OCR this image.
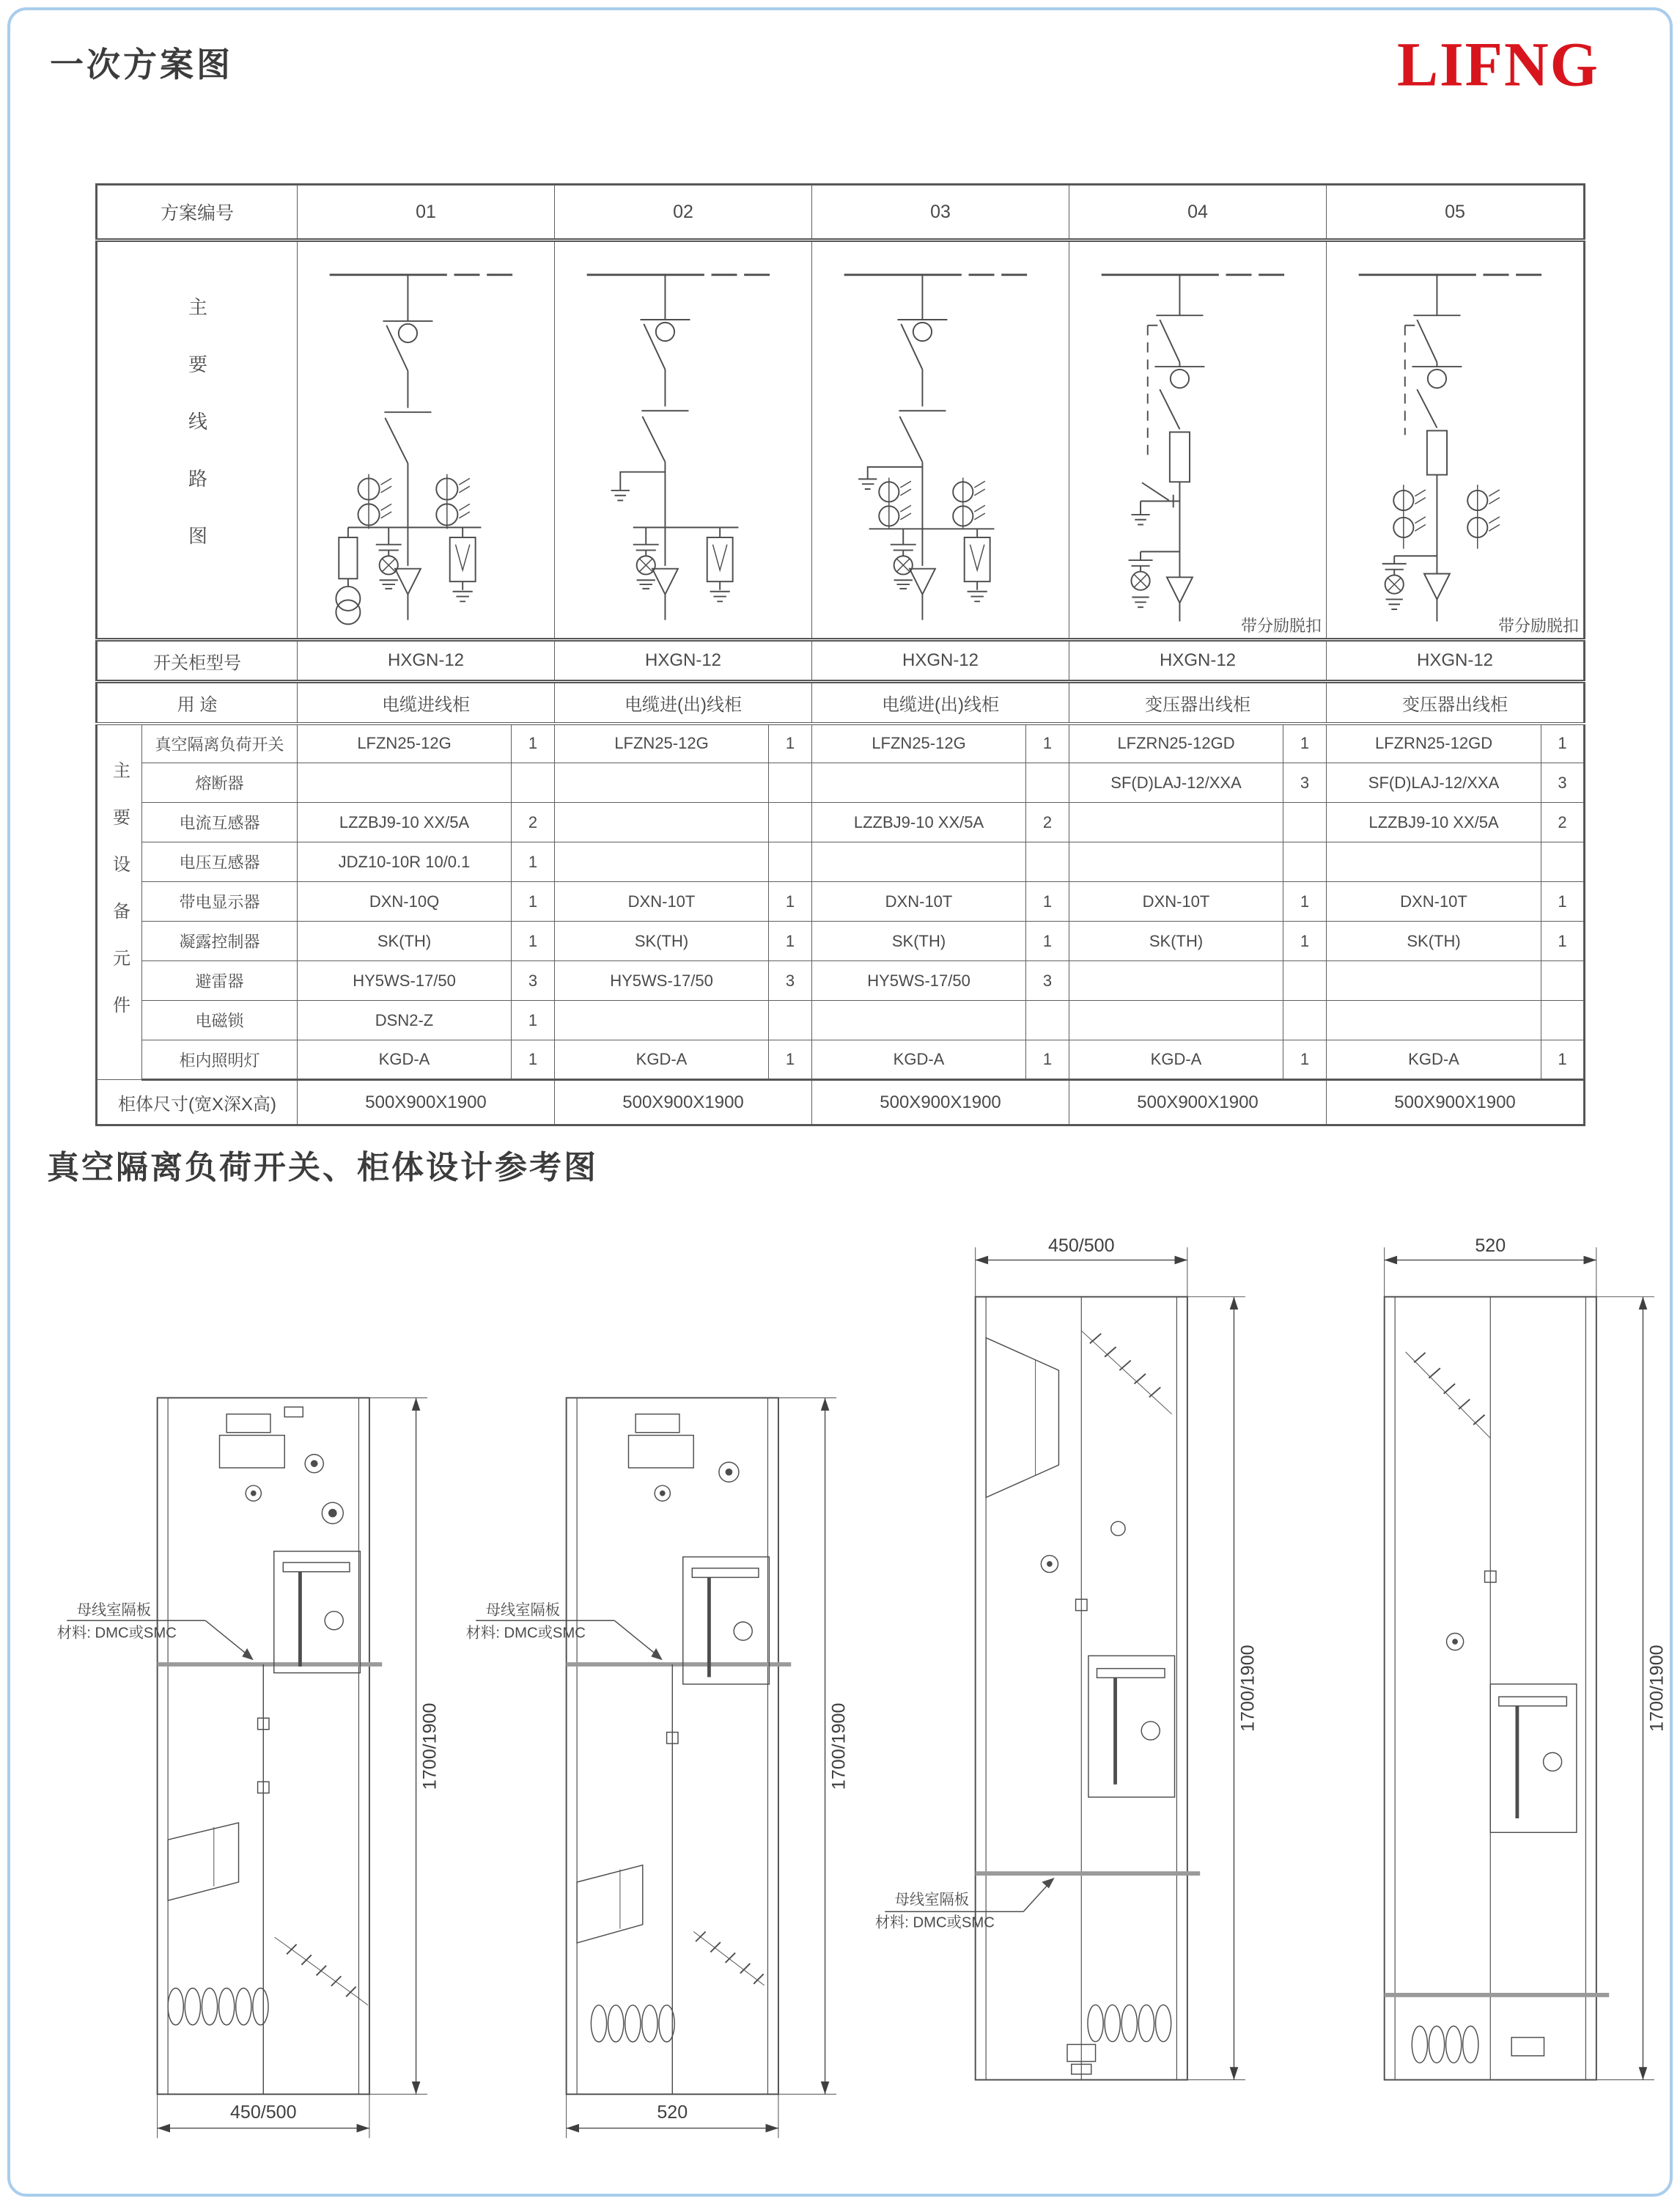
一次方案图	LIFNG
方案编号		01		02		03		04		05	

主要线路图								带分励脱扣		带分励脱扣	

开关柜型号		HXGN-12		HXGN-12		HXGN-12		HXGN-12		HXGN-12	
用 途		电缆进线柜		电缆进(出)线柜		电缆进(出)线柜		变压器出线柜		变压器出线柜	

主要设备元件	真空隔离负荷开关	LFZN25-12G	1	LFZN25-12G	1	LFZN25-12G	1	LFZRN25-12GD	1	LFZRN25-12GD	1
	熔断器							SF(D)LAJ-12/XXA	3	SF(D)LAJ-12/XXA	3
	电流互感器	LZZBJ9-10 XX/5A	2			LZZBJ9-10 XX/5A	2			LZZBJ9-10 XX/5A	2
	电压互感器	JDZ10-10R 10/0.1	1								
	带电显示器	DXN-10Q	1	DXN-10T	1	DXN-10T	1	DXN-10T	1	DXN-10T	1
	凝露控制器	SK(TH)	1	SK(TH)	1	SK(TH)	1	SK(TH)	1	SK(TH)	1
	避雷器	HY5WS-17/50	3	HY5WS-17/50	3	HY5WS-17/50	3				
	电磁锁	DSN2-Z	1								
	柜内照明灯	KGD-A	1	KGD-A	1	KGD-A	1	KGD-A	1	KGD-A	1
柜体尺寸(宽X深X高)		500X900X1900		500X900X1900		500X900X1900		500X900X1900		500X900X1900	
真空隔离负荷开关、柜体设计参考图
母线室隔板
材料: DMC或SMC
450/500
1700/1900
母线室隔板
材料: DMC或SMC
520
1700/1900
450/500
母线室隔板
材料: DMC或SMC
1700/1900
520
1700/1900
